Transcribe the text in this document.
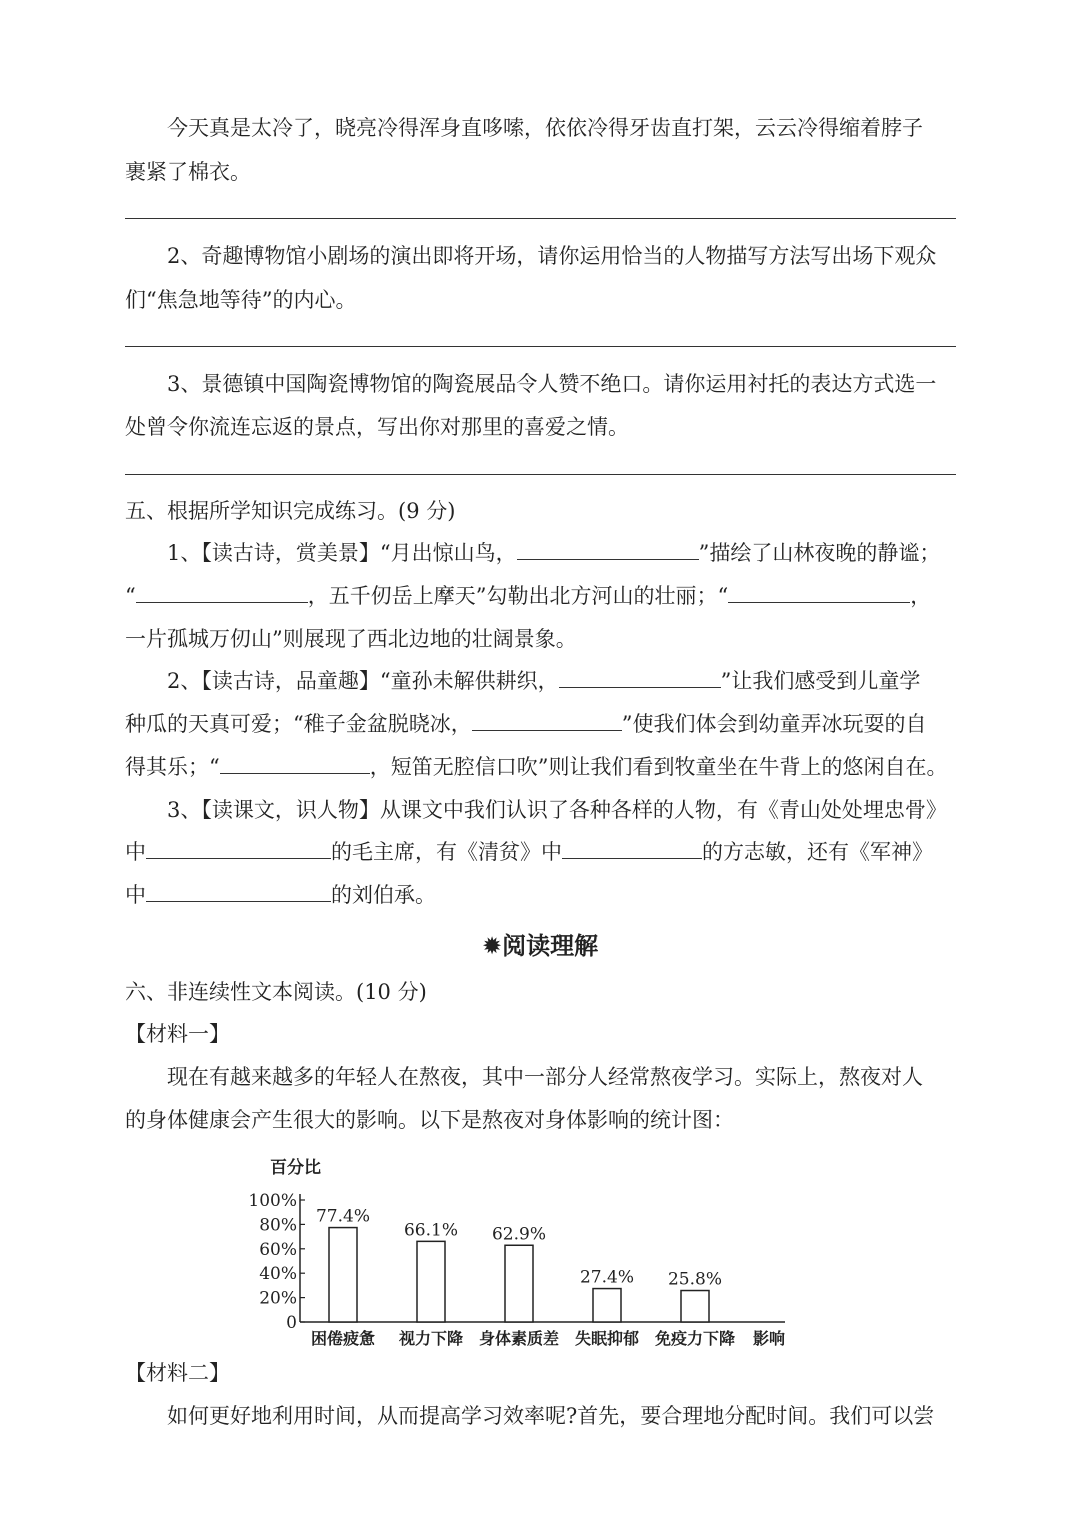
今天真是太冷了，晓亮冷得浑身直哆嗦，依依冷得牙齿直打架，云云冷得缩着脖子
裹紧了棉衣。
2、奇趣博物馆小剧场的演出即将开场，请你运用恰当的人物描写方法写出场下观众
们“焦急地等待”的内心。
3、景德镇中国陶瓷博物馆的陶瓷展品令人赞不绝口。请你运用衬托的表达方式选一
处曾令你流连忘返的景点，写出你对那里的喜爱之情。
五、根据所学知识完成练习。(9 分)
1、【读古诗，赏美景】“月出惊山鸟，	”描绘了山林夜晚的静谧；
“	，五千仞岳上摩天”勾勒出北方河山的壮丽；“	，
一片孤城万仞山”则展现了西北边地的壮阔景象。
2、【读古诗，品童趣】“童孙未解供耕织，	”让我们感受到儿童学
种瓜的天真可爱；“稚子金盆脱晓冰，	”使我们体会到幼童弄冰玩耍的自
得其乐；“	，短笛无腔信口吹”则让我们看到牧童坐在牛背上的悠闲自在。
3、【读课文，识人物】从课文中我们认识了各种各样的人物，有《青山处处埋忠骨》
中	的毛主席，有《清贫》中	的方志敏，还有《军神》
中	的刘伯承。
✹阅读理解
六、非连续性文本阅读。(10 分)
【材料一】
现在有越来越多的年轻人在熬夜，其中一部分人经常熬夜学习。实际上，熬夜对人
的身体健康会产生很大的影响。以下是熬夜对身体影响的统计图：
百分比
0
20%
40%
60%
80%
100%
77.4%
困倦疲惫
66.1%
视力下降
62.9%
身体素质差
27.4%
失眠抑郁
25.8%
免疫力下降 影响
【材料二】
如何更好地利用时间，从而提高学习效率呢?首先，要合理地分配时间。我们可以尝
